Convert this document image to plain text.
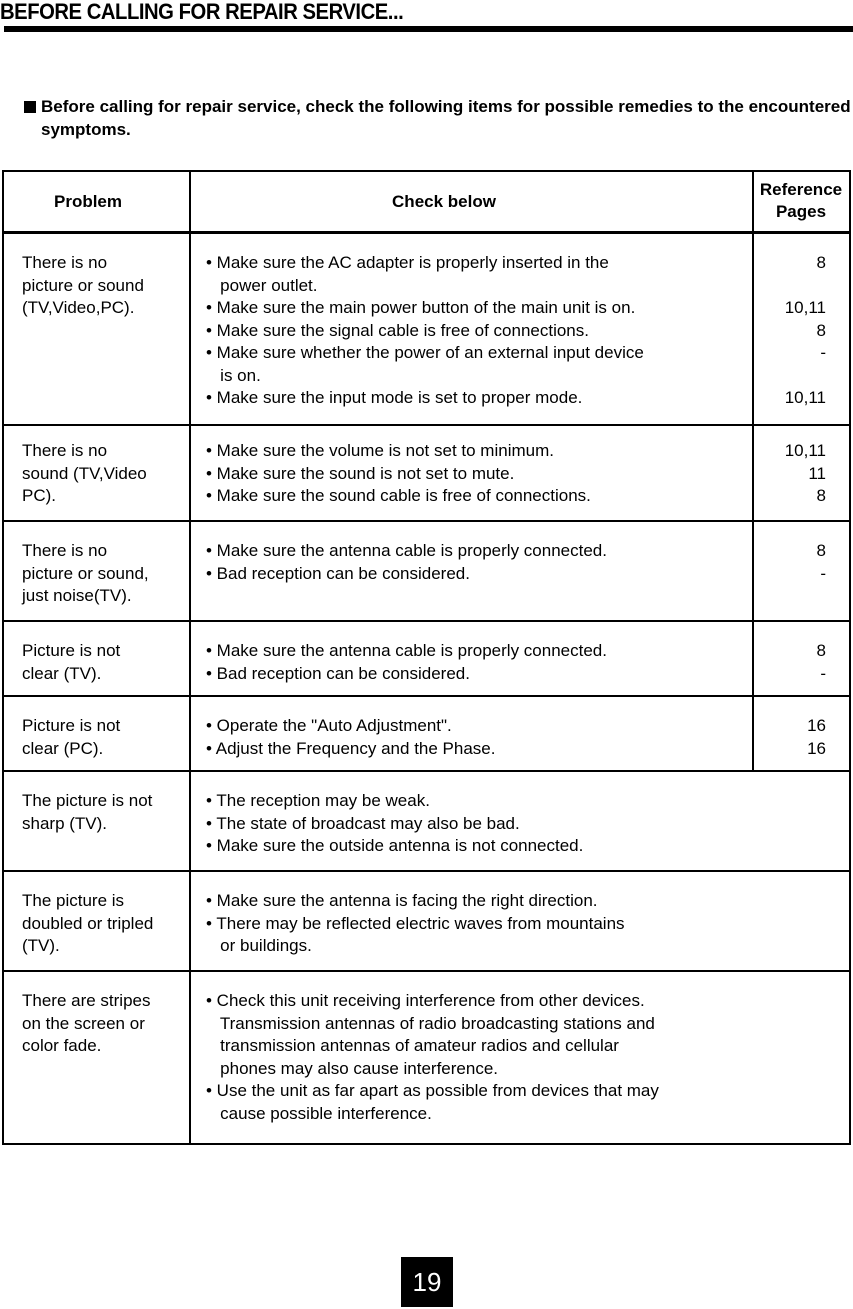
BEFORE CALLING FOR REPAIR SERVICE...
Before calling for repair service, check the following items for possible remedies to the encountered symptoms.
Problem	Check below
Reference
Pages
There is no
picture or sound
(TV,Video,PC).
• Make sure the AC adapter is properly inserted in the
power outlet.
• Make sure the main power button of the main unit is on.
• Make sure the signal cable is free of connections.
• Make sure whether the power of an external input device
is on.
• Make sure the input mode is set to proper mode.
8

10,11
8
-

10,11
There is no
sound (TV,Video
PC).
• Make sure the volume is not set to minimum.
• Make sure the sound is not set to mute.
• Make sure the sound cable is free of connections.
10,11
11
8
There is no
picture or sound,
just noise(TV).
• Make sure the antenna cable is properly connected.
• Bad reception can be considered.
8
-
Picture is not
clear (TV).
• Make sure the antenna cable is properly connected.
• Bad reception can be considered.
8
-
Picture is not
clear (PC).
• Operate the "Auto Adjustment".
• Adjust the Frequency and the Phase.
16
16
The picture is not
sharp (TV).
• The reception may be weak.
• The state of broadcast may also be bad.
• Make sure the outside antenna is not connected.
The picture is
doubled or tripled
(TV).
• Make sure the antenna is facing the right direction.
• There may be reflected electric waves from mountains
or buildings.
There are stripes
on the screen or
color fade.
• Check this unit receiving interference from other devices.
Transmission antennas of radio broadcasting stations and
transmission antennas of amateur radios and cellular
phones may also cause interference.
• Use the unit as far apart as possible from devices that may
cause possible interference.
19
